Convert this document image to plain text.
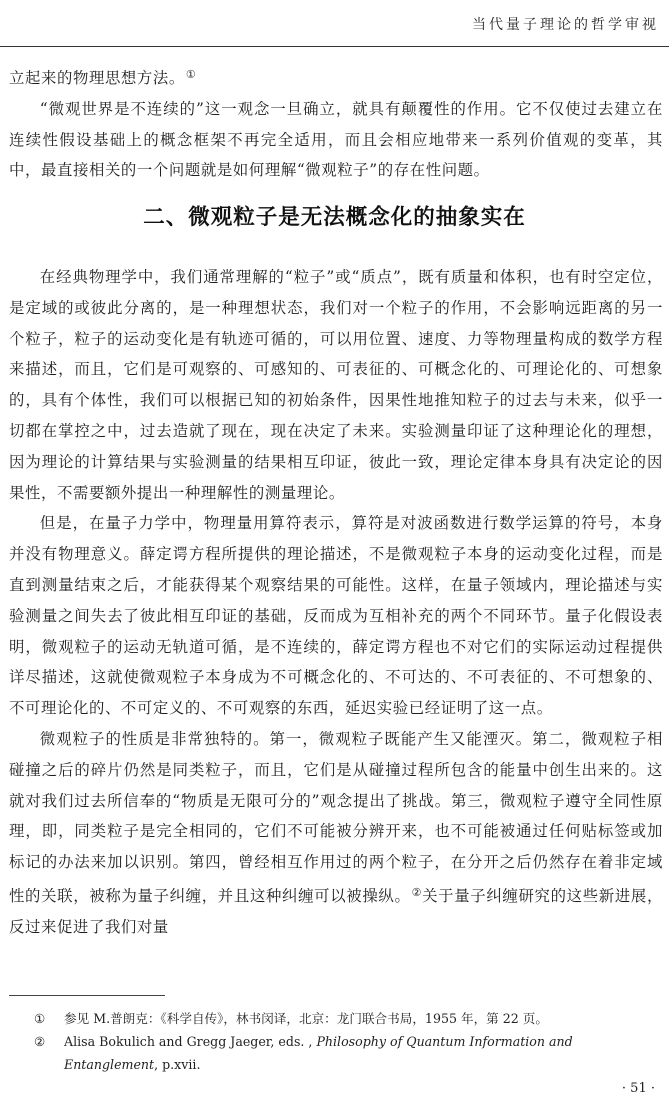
当代量子理论的哲学审视

立起来的物理思想方法。①

“微观世界是不连续的”这一观念一旦确立，就具有颠覆性的作用。它不仅使过去建立在连续性假设基础上的概念框架不再完全适用，而且会相应地带来一系列价值观的变革，其中，最直接相关的一个问题就是如何理解“微观粒子”的存在性问题。

二、微观粒子是无法概念化的抽象实在

在经典物理学中，我们通常理解的“粒子”或“质点”，既有质量和体积，也有时空定位，是定域的或彼此分离的，是一种理想状态，我们对一个粒子的作用，不会影响远距离的另一个粒子，粒子的运动变化是有轨迹可循的，可以用位置、速度、力等物理量构成的数学方程来描述，而且，它们是可观察的、可感知的、可表征的、可概念化的、可理论化的、可想象的，具有个体性，我们可以根据已知的初始条件，因果性地推知粒子的过去与未来，似乎一切都在掌控之中，过去造就了现在，现在决定了未来。实验测量印证了这种理论化的理想，因为理论的计算结果与实验测量的结果相互印证，彼此一致，理论定律本身具有决定论的因果性，不需要额外提出一种理解性的测量理论。

但是，在量子力学中，物理量用算符表示，算符是对波函数进行数学运算的符号，本身并没有物理意义。薛定谔方程所提供的理论描述，不是微观粒子本身的运动变化过程，而是直到测量结束之后，才能获得某个观察结果的可能性。这样，在量子领域内，理论描述与实验测量之间失去了彼此相互印证的基础，反而成为互相补充的两个不同环节。量子化假设表明，微观粒子的运动无轨道可循，是不连续的，薛定谔方程也不对它们的实际运动过程提供详尽描述，这就使微观粒子本身成为不可概念化的、不可达的、不可表征的、不可想象的、不可理论化的、不可定义的、不可观察的东西，延迟实验已经证明了这一点。

微观粒子的性质是非常独特的。第一，微观粒子既能产生又能湮灭。第二，微观粒子相碰撞之后的碎片仍然是同类粒子，而且，它们是从碰撞过程所包含的能量中创生出来的。这就对我们过去所信奉的“物质是无限可分的”观念提出了挑战。第三，微观粒子遵守全同性原理，即，同类粒子是完全相同的，它们不可能被分辨开来，也不可能被通过任何贴标签或加标记的办法来加以识别。第四，曾经相互作用过的两个粒子，在分开之后仍然存在着非定域性的关联，被称为量子纠缠，并且这种纠缠可以被操纵。②关于量子纠缠研究的这些新进展，反过来促进了我们对量

①	参见 M.普朗克：《科学自传》，林书闵译，北京：龙门联合书局，1955 年，第 22 页。
②	Alisa Bokulich and Gregg Jaeger, eds. , Philosophy of Quantum Information and
Entanglement, p.xvii.
· 51 ·
